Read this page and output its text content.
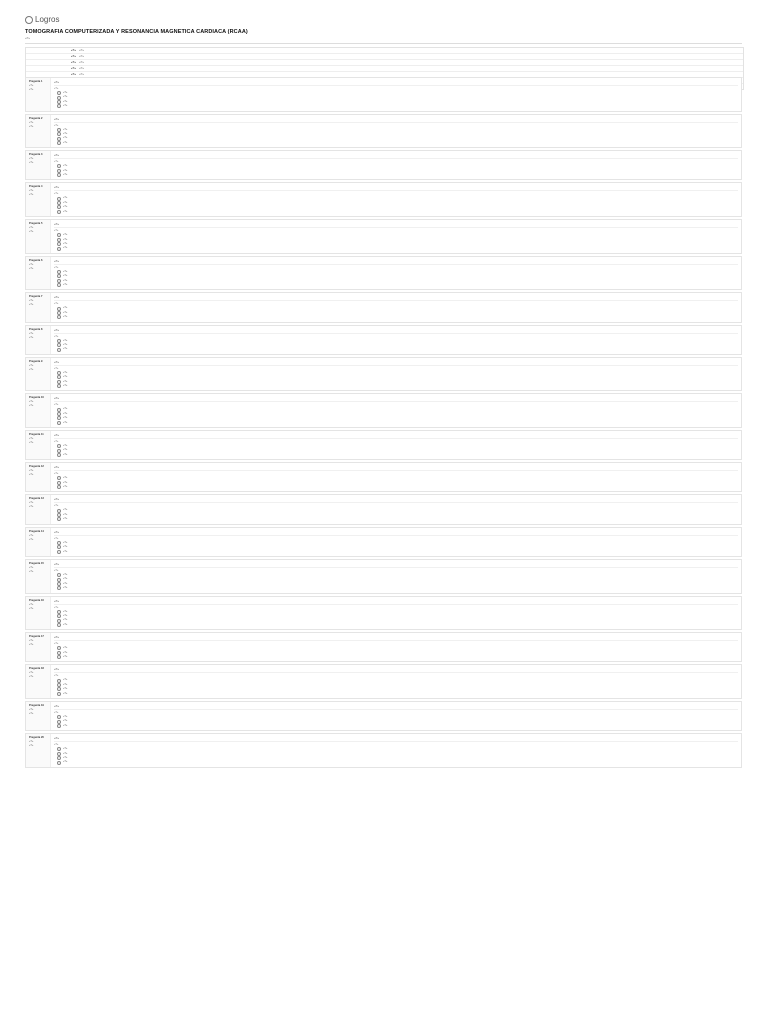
Logros
TOMOGRAFIA COMPUTERIZADA Y RESONANCIA MAGNETICA CARDIACA (RCAA)
«?»
«?»	«?»
«?»	«?»
«?»	«?»
«?»	«?»
«?»	«?»
Pregunta 1
«?»
«?»
«?»
«?»
«?»
«?»
«?»
«?»
Pregunta 2
«?»
«?»
«?»
«?»
«?»
«?»
«?»
«?»
Pregunta 3
«?»
«?»
«?»
«?»
«?»
«?»
«?»
Pregunta 4
«?»
«?»
«?»
«?»
«?»
«?»
«?»
«?»
Pregunta 5
«?»
«?»
«?»
«?»
«?»
«?»
«?»
«?»
Pregunta 6
«?»
«?»
«?»
«?»
«?»
«?»
«?»
«?»
Pregunta 7
«?»
«?»
«?»
«?»
«?»
«?»
«?»
Pregunta 8
«?»
«?»
«?»
«?»
«?»
«?»
«?»
Pregunta 9
«?»
«?»
«?»
«?»
«?»
«?»
«?»
«?»
Pregunta 10
«?»
«?»
«?»
«?»
«?»
«?»
«?»
«?»
Pregunta 11
«?»
«?»
«?»
«?»
«?»
«?»
«?»
Pregunta 12
«?»
«?»
«?»
«?»
«?»
«?»
«?»
Pregunta 13
«?»
«?»
«?»
«?»
«?»
«?»
«?»
Pregunta 14
«?»
«?»
«?»
«?»
«?»
«?»
«?»
Pregunta 15
«?»
«?»
«?»
«?»
«?»
«?»
«?»
«?»
Pregunta 16
«?»
«?»
«?»
«?»
«?»
«?»
«?»
«?»
Pregunta 17
«?»
«?»
«?»
«?»
«?»
«?»
«?»
Pregunta 18
«?»
«?»
«?»
«?»
«?»
«?»
«?»
«?»
Pregunta 19
«?»
«?»
«?»
«?»
«?»
«?»
«?»
Pregunta 20
«?»
«?»
«?»
«?»
«?»
«?»
«?»
«?»
